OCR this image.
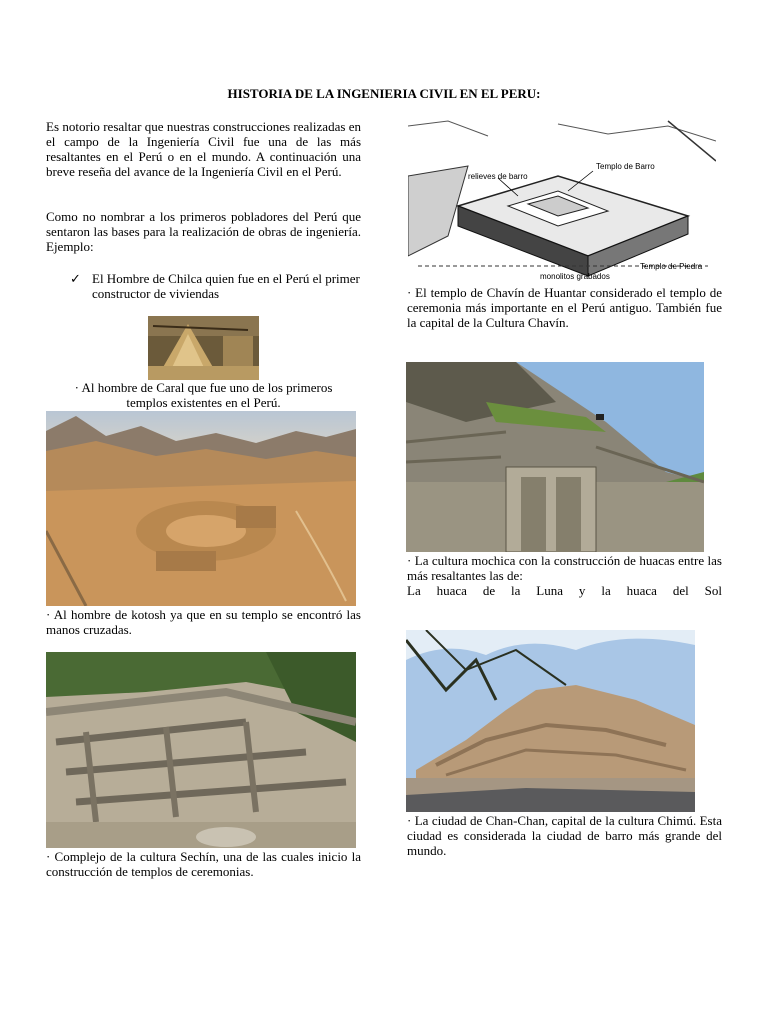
HISTORIA DE LA INGENIERIA CIVIL EN EL PERU:
Es notorio resaltar que nuestras construcciones realizadas en el campo de la Ingeniería Civil fue una de las más resaltantes en el Perú o en el mundo. A continuación una breve reseña del avance de la Ingeniería Civil en el Perú.
Como no nombrar a los primeros pobladores del Perú que sentaron las bases para la realización de obras de ingeniería. Ejemplo:
✓ El Hombre de Chilca quien fue en el Perú el primer constructor de viviendas
· Al hombre de Caral que fue uno de los primeros
templos existentes en el Perú.
· Al hombre de kotosh ya que en su templo se encontró las manos cruzadas.
· Complejo de la cultura Sechín, una de las cuales inicio la construcción de templos de ceremonias.
Templo de Barro
relieves de barro
monolitos grabados
Templo de Piedra
· El templo de Chavín de Huantar considerado el templo de ceremonia más importante en el Perú antiguo. También fue la capital de la Cultura Chavín.
· La cultura mochica con la construcción de huacas entre las más resaltantes las de:
La huaca de la Luna y la huaca del Sol
· La ciudad de Chan-Chan, capital de la cultura Chimú. Esta ciudad es considerada la ciudad de barro más grande del mundo.
